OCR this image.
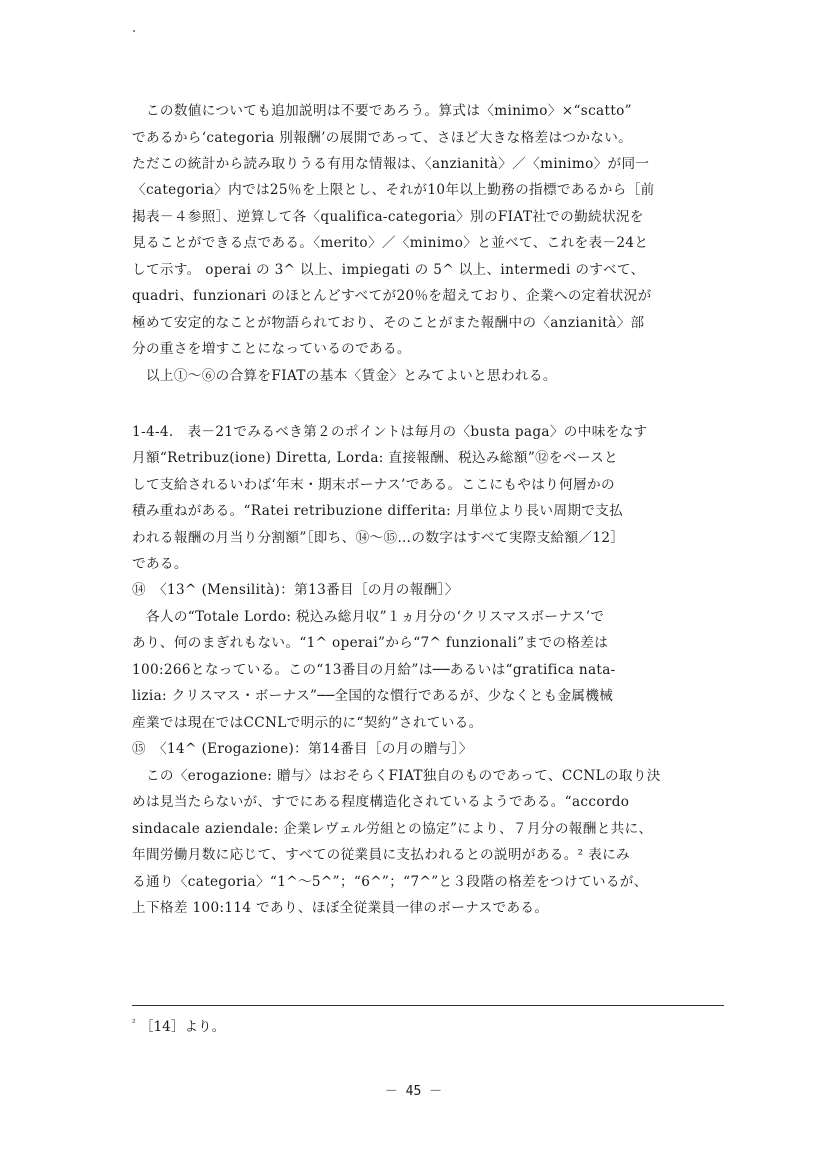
　この数値についても追加説明は不要であろう。算式は〈minimo〉×“scatto”
であるから‘categoria 別報酬’の展開であって、さほど大きな格差はつかない。
ただこの統計から読み取りうる有用な情報は、〈anzianità〉／〈minimo〉が同一
〈categoria〉内では25％を上限とし、それが10年以上勤務の指標であるから［前
掲表－４参照］、逆算して各〈qualifica-categoria〉別のFIAT社での勤続状況を
見ることができる点である。〈merito〉／〈minimo〉と並べて、これを表－24と
して示す。 operai の 3^ 以上、impiegati の 5^ 以上、intermedi のすべて、
quadri、funzionari のほとんどすべてが20％を超えており、企業への定着状況が
極めて安定的なことが物語られており、そのことがまた報酬中の〈anzianità〉部
分の重さを増すことになっているのである。
　以上①～⑥の合算をFIATの基本〈賃金〉とみてよいと思われる。
1-4-4.　表－21でみるべき第２のポイントは毎月の〈busta paga〉の中味をなす
月額“Retribuz(ione) Diretta, Lorda: 直接報酬、税込み総額”⑫をベースと
して支給されるいわば‘年末・期末ボーナス’である。ここにもやはり何層かの
積み重ねがある。“Ratei retribuzione differita: 月単位より長い周期で支払
われる報酬の月当り分割額”［即ち、⑭～⑮…の数字はすべて実際支給額／12］
である。
⑭　〈13^ (Mensilità)：第13番目［の月の報酬］〉
　各人の“Totale Lordo: 税込み総月収”１ヵ月分の‘クリスマスボーナス’で
あり、何のまぎれもない。“1^ operai”から“7^ funzionali”までの格差は
100:266となっている。この“13番目の月給”は──あるいは“gratifica nata-
lizia: クリスマス・ボーナス”──全国的な慣行であるが、少なくとも金属機械
産業では現在ではCCNLで明示的に“契約”されている。
⑮　〈14^ (Erogazione)：第14番目［の月の贈与］〉
　この〈erogazione: 贈与〉はおそらくFIAT独自のものであって、CCNLの取り決
めは見当たらないが、すでにある程度構造化されているようである。“accordo
sindacale aziendale: 企業レヴェル労組との協定”により、７月分の報酬と共に、
年間労働月数に応じて、すべての従業員に支払われるとの説明がある。² 表にみ
る通り〈categoria〉“1^～5^”；“6^”；“7^”と３段階の格差をつけているが、
上下格差 100:114 であり、ほぼ全従業員一律のボーナスである。
$^{^2}$ ［14］より。
－ 45 －
